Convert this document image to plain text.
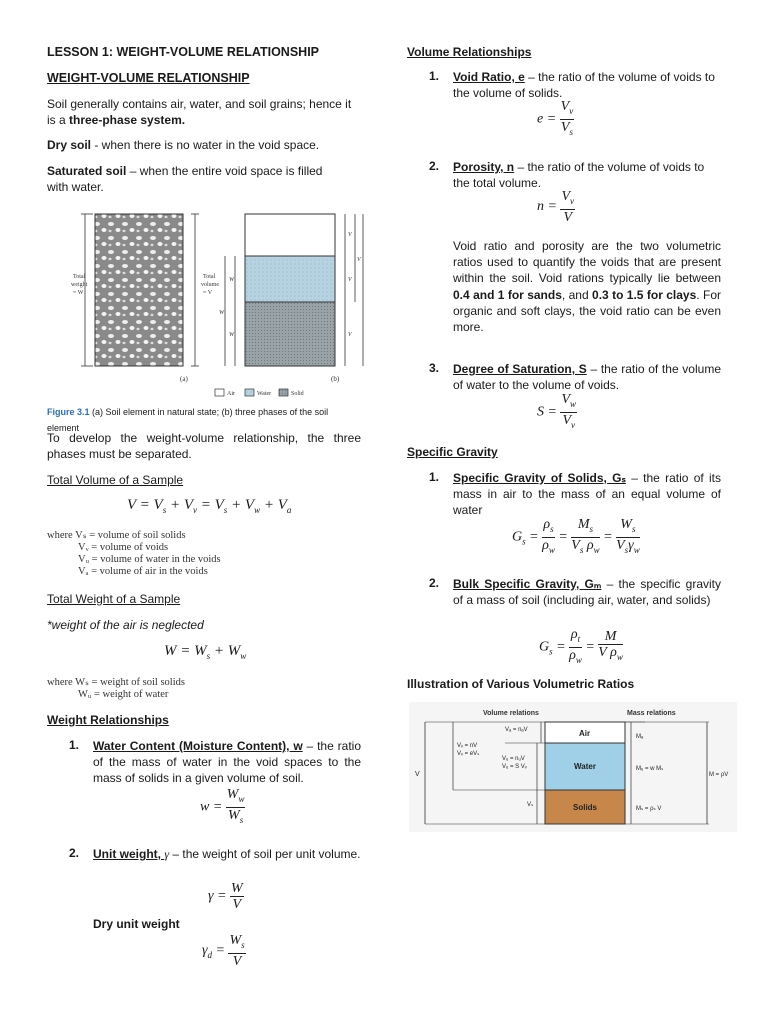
LESSON 1: WEIGHT-VOLUME RELATIONSHIP

WEIGHT-VOLUME RELATIONSHIP

Soil generally contains air, water, and soil grains; hence it is a three-phase system.

Dry soil - when there is no water in the void space.

Saturated soil – when the entire void space is filled with water.

Total
weight
= W
Total
volume
= V
W
W
W
V
V
V
V
(a)	(b)
Air	Water	Solid

Figure 3.1 (a) Soil element in natural state; (b) three phases of the soil element

To develop the weight-volume relationship, the three phases must be separated.

Total Volume of a Sample

$V = V_s + V_v = V_s + V_w + V_a$
where Vₛ = volume of soil solids
Vᵥ = volume of voids
Vᵤ = volume of water in the voids
Vₐ = volume of air in the voids

Total Weight of a Sample

*weight of the air is neglected

$W = W_s + W_w$
where Wₛ = weight of soil solids
Wᵤ = weight of water

Weight Relationships

1. Water Content (Moisture Content), w – the ratio of the mass of water in the void spaces to the mass of solids in a given volume of soil.

$w = \frac{W_w}{W_s}$
2. Unit weight, γ – the weight of soil per unit volume.

$\gamma = \frac{W}{V}$

Dry unit weight

$\gamma_d = \frac{W_s}{V}$

Volume Relationships

1. Void Ratio, e – the ratio of the volume of voids to the volume of solids.

$e = \frac{V_v}{V_s}$
2. Porosity, n – the ratio of the volume of voids to the total volume.

$n = \frac{V_v}{V}$

Void ratio and porosity are the two volumetric ratios used to quantify the voids that are present within the soil. Void rations typically lie between 0.4 and 1 for sands, and 0.3 to 1.5 for clays. For organic and soft clays, the void ratio can be even more.

3. Degree of Saturation, S – the ratio of the volume of water to the volume of voids.

$S = \frac{V_w}{V_v}$

Specific Gravity

1. Specific Gravity of Solids, Gₛ – the ratio of its mass in air to the mass of an equal volume of water

$G_s = \frac{\rho_s}{\rho_w} = \frac{M_s}{V_s \rho_w} = \frac{W_s}{V_s\gamma_w}$
2. Bulk Specific Gravity, Gₘ – the specific gravity of a mass of soil (including air, water, and solids)

$G_s = \frac{\rho_t}{\rho_w} = \frac{M}{V \rho_w}$

Illustration of Various Volumetric Ratios

Volume relations	Mass relations
Air
Water
Solids
V
Vₐ = nₐV
Vᵥ = nV
Vᵥ = eVₛ
Vᵤ = nᵤV
Vᵤ = S Vᵥ
Vₛ
Mₐ
Mᵤ = w Mₛ
Mₛ = ρₛ V
M = ρV
